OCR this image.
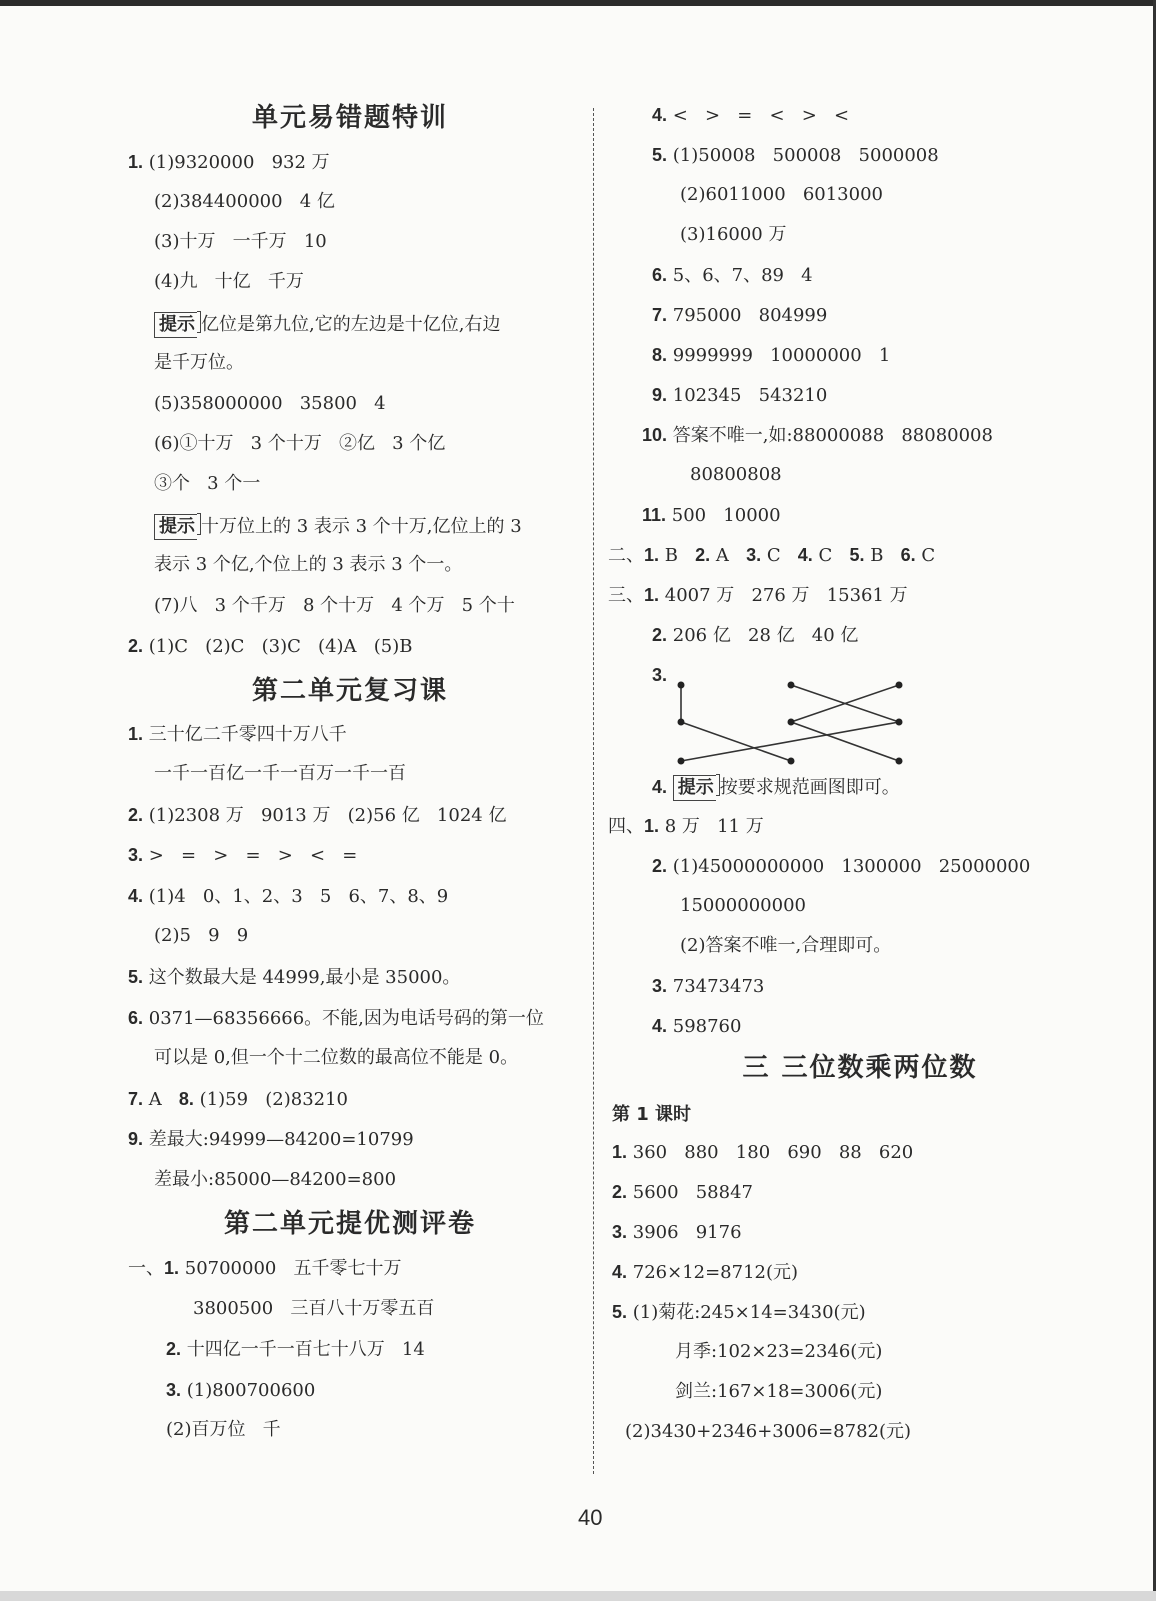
单元易错题特训
1. (1)9320000   932 万
(2)384400000   4 亿
(3)十万   一千万   10
(4)九   十亿   千万
提示 亿位是第九位,它的左边是十亿位,右边
是千万位。
(5)358000000   35800   4
(6)①十万   3 个十万   ②亿   3 个亿
③个   3 个一
提示 十万位上的 3 表示 3 个十万,亿位上的 3
表示 3 个亿,个位上的 3 表示 3 个一。
(7)八   3 个千万   8 个十万   4 个万   5 个十
2. (1)C   (2)C   (3)C   (4)A   (5)B
第二单元复习课
1. 三十亿二千零四十万八千
一千一百亿一千一百万一千一百
2. (1)2308 万   9013 万   (2)56 亿   1024 亿
3. >   =   >   =   >   <   =
4. (1)4   0、1、2、3   5   6、7、8、9
(2)5   9   9
5. 这个数最大是 44999,最小是 35000。
6. 0371—68356666。不能,因为电话号码的第一位
可以是 0,但一个十二位数的最高位不能是 0。
7. A 8. (1)59   (2)83210
9. 差最大:94999—84200=10799
差最小:85000—84200=800
第二单元提优测评卷
一、1. 50700000   五千零七十万
3800500   三百八十万零五百
2. 十四亿一千一百七十八万   14
3. (1)800700600
(2)百万位   千
4. <   >   =   <   >   <
5. (1)50008   500008   5000008
(2)6011000   6013000
(3)16000 万
6. 5、6、7、89   4
7. 795000   804999
8. 9999999   10000000   1
9. 102345   543210
10. 答案不唯一,如:88000088   88080008
80800808
11. 500   10000
二、1. B 2. A 3. C 4. C 5. B 6. C
三、1. 4007 万   276 万   15361 万
2. 206 亿   28 亿   40 亿
3.
4. 提示 按要求规范画图即可。
四、1. 8 万   11 万
2. (1)45000000000   1300000   25000000
15000000000
(2)答案不唯一,合理即可。
3. 73473473
4. 598760
三 三位数乘两位数
第 1 课时
1. 360   880   180   690   88   620
2. 5600   58847
3. 3906   9176
4. 726×12=8712(元)
5. (1)菊花:245×14=3430(元)
月季:102×23=2346(元)
剑兰:167×18=3006(元)
(2)3430+2346+3006=8782(元)
40
